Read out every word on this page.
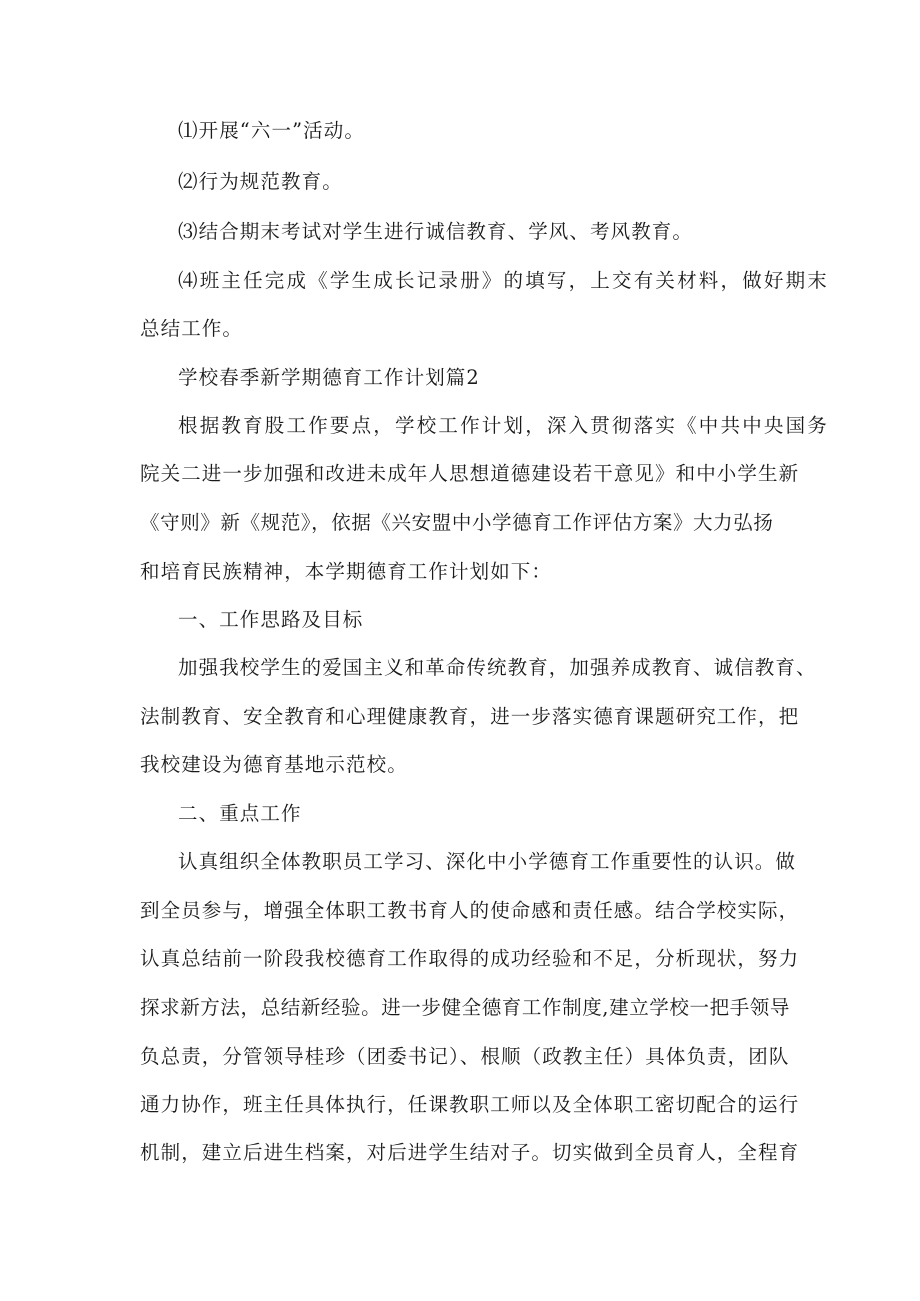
⑴开展“六一”活动。
⑵行为规范教育。
⑶结合期末考试对学生进行诚信教育、学风、考风教育。
⑷班主任完成《学生成长记录册》的填写，上交有关材料，做好期末
总结工作。
学校春季新学期德育工作计划篇2
根据教育股工作要点，学校工作计划，深入贯彻落实《中共中央国务
院关二进一步加强和改进未成年人思想道德建设若干意见》和中小学生新
《守则》新《规范》，依据《兴安盟中小学德育工作评估方案》大力弘扬
和培育民族精神，本学期德育工作计划如下：
一、工作思路及目标
加强我校学生的爱国主义和革命传统教育，加强养成教育、诚信教育、
法制教育、安全教育和心理健康教育，进一步落实德育课题研究工作，把
我校建设为德育基地示范校。
二、重点工作
认真组织全体教职员工学习、深化中小学德育工作重要性的认识。做
到全员参与，增强全体职工教书育人的使命感和责任感。结合学校实际，
认真总结前一阶段我校德育工作取得的成功经验和不足，分析现状，努力
探求新方法，总结新经验。进一步健全德育工作制度,建立学校一把手领导
负总责，分管领导桂珍（团委书记）、根顺（政教主任）具体负责，团队
通力协作，班主任具体执行，任课教职工师以及全体职工密切配合的运行
机制，建立后进生档案，对后进学生结对子。切实做到全员育人，全程育
